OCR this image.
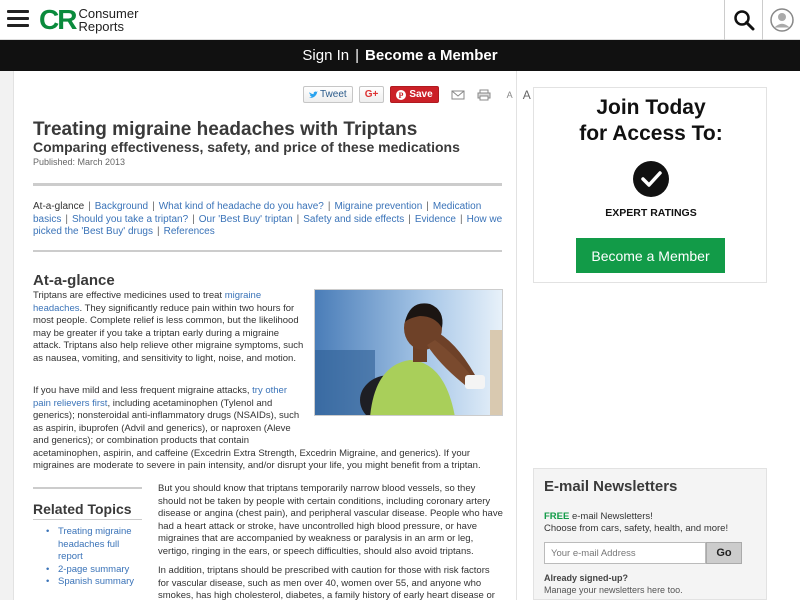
CR Consumer
Reports
Sign In | Become a Member
Tweet	G+	P Save	A A
Treating migraine headaches with Triptans
Comparing effectiveness, safety, and price of these medications
Published: March 2013
At-a-glance | Background | What kind of headache do you have? | Migraine prevention | Medication basics | Should you take a triptan? | Our 'Best Buy' triptan | Safety and side effects | Evidence | How we picked the 'Best Buy' drugs | References
At-a-glance

Triptans are effective medicines used to treat migraine headaches. They significantly reduce pain within two hours for most people. Complete relief is less common, but the likelihood may be greater if you take a triptan early during a migraine attack. Triptans also help relieve other migraine symptoms, such as nausea, vomiting, and sensitivity to light, noise, and motion.

If you have mild and less frequent migraine attacks, try other pain relievers first, including acetaminophen (Tylenol and generics); nonsteroidal anti-inflammatory drugs (NSAIDs), such as aspirin, ibuprofen (Advil and generics), or naproxen (Aleve and generics); or combination products that contain
acetaminophen, aspirin, and caffeine (Excedrin Extra Strength, Excedrin Migraine, and generics). If your migraines are moderate to severe in pain intensity, and/or disrupt your life, you might benefit from a triptan.

Related Topics
• Treating migraine headaches full report
• 2-page summary
• Spanish summary

But you should know that triptans temporarily narrow blood vessels, so they should not be taken by people with certain conditions, including coronary artery disease or angina (chest pain), and peripheral vascular disease. People who have had a heart attack or stroke, have uncontrolled high blood pressure, or have migraines that are accompanied by weakness or paralysis in an arm or leg, vertigo, ringing in the ears, or speech difficulties, should also avoid triptans.

In addition, triptans should be prescribed with caution for those with risk factors for vascular disease, such as men over 40, women over 55, and anyone who smokes, has high cholesterol, diabetes, a family history of early heart disease or

Join Today
for Access To:
EXPERT RATINGS
Become a Member
E-mail Newsletters
FREE e-mail Newsletters!
Choose from cars, safety, health, and more!
Your e-mail Address
Go
Already signed-up?
Manage your newsletters here too.
